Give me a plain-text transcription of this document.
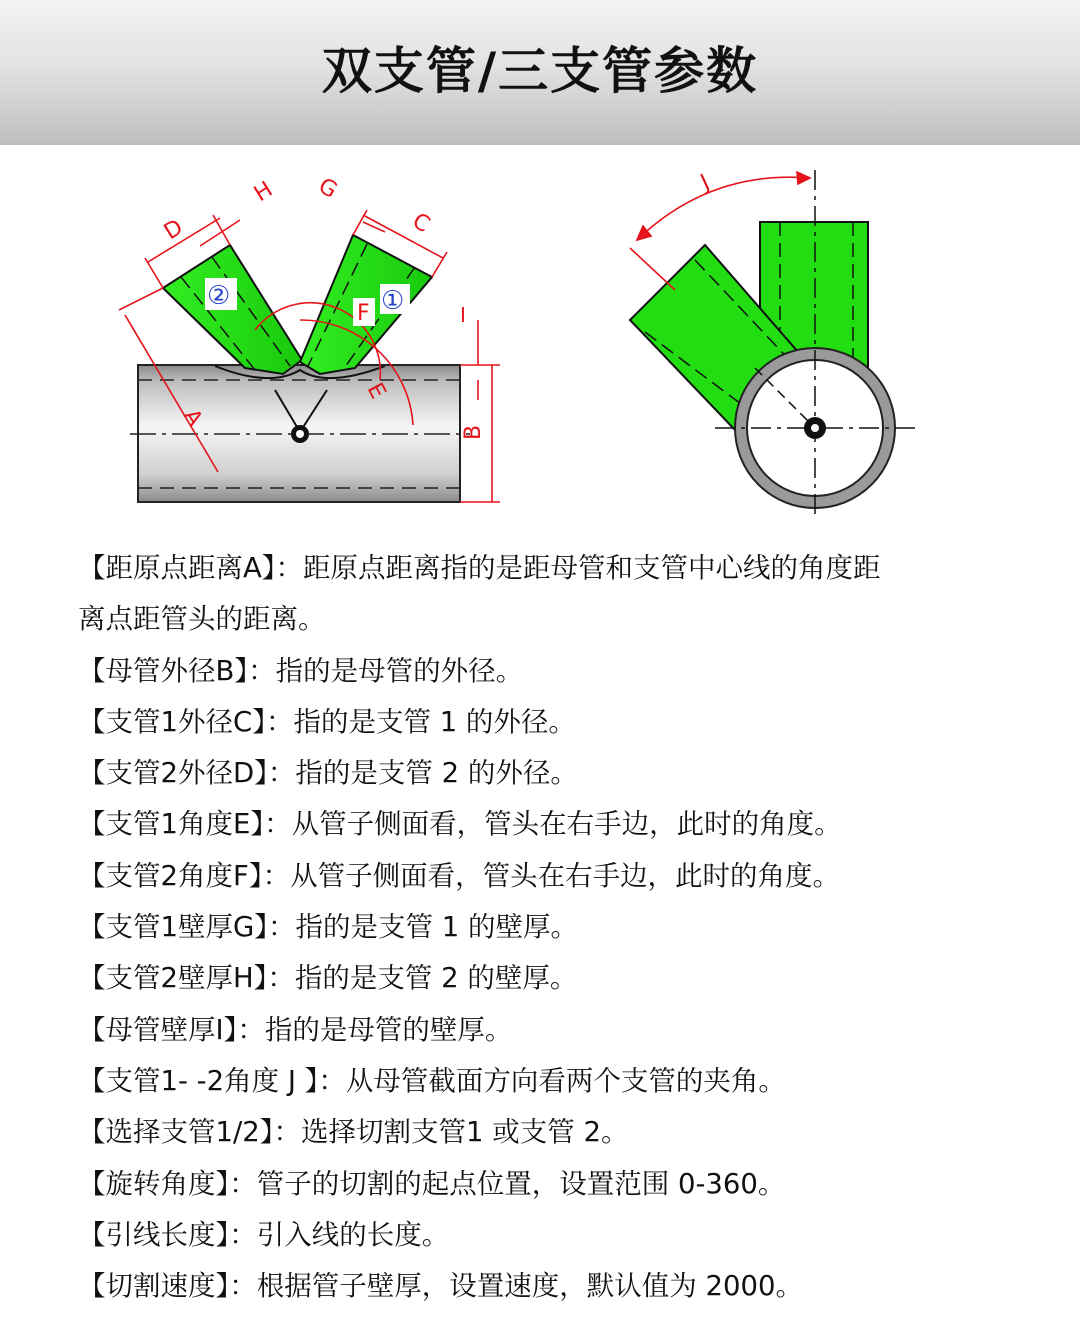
双支管/三支管参数
A
B
I
D
H G
C
E
F ①
②
J
【距原点距离A】：距原点距离指的是距母管和支管中心线的角度距
离点距管头的距离。
【母管外径B】：指的是母管的外径。
【支管1外径C】：指的是支管 1 的外径。
【支管2外径D】：指的是支管 2 的外径。
【支管1角度E】：从管子侧面看，管头在右手边，此时的角度。
【支管2角度F】：从管子侧面看，管头在右手边，此时的角度。
【支管1壁厚G】：指的是支管 1 的壁厚。
【支管2壁厚H】：指的是支管 2 的壁厚。
【母管壁厚I】：指的是母管的壁厚。
【支管1- -2角度 J 】：从母管截面方向看两个支管的夹角。
【选择支管1/2】：选择切割支管1 或支管 2。
【旋转角度】：管子的切割的起点位置，设置范围 0-360。
【引线长度】：引入线的长度。
【切割速度】：根据管子壁厚，设置速度，默认值为 2000。
